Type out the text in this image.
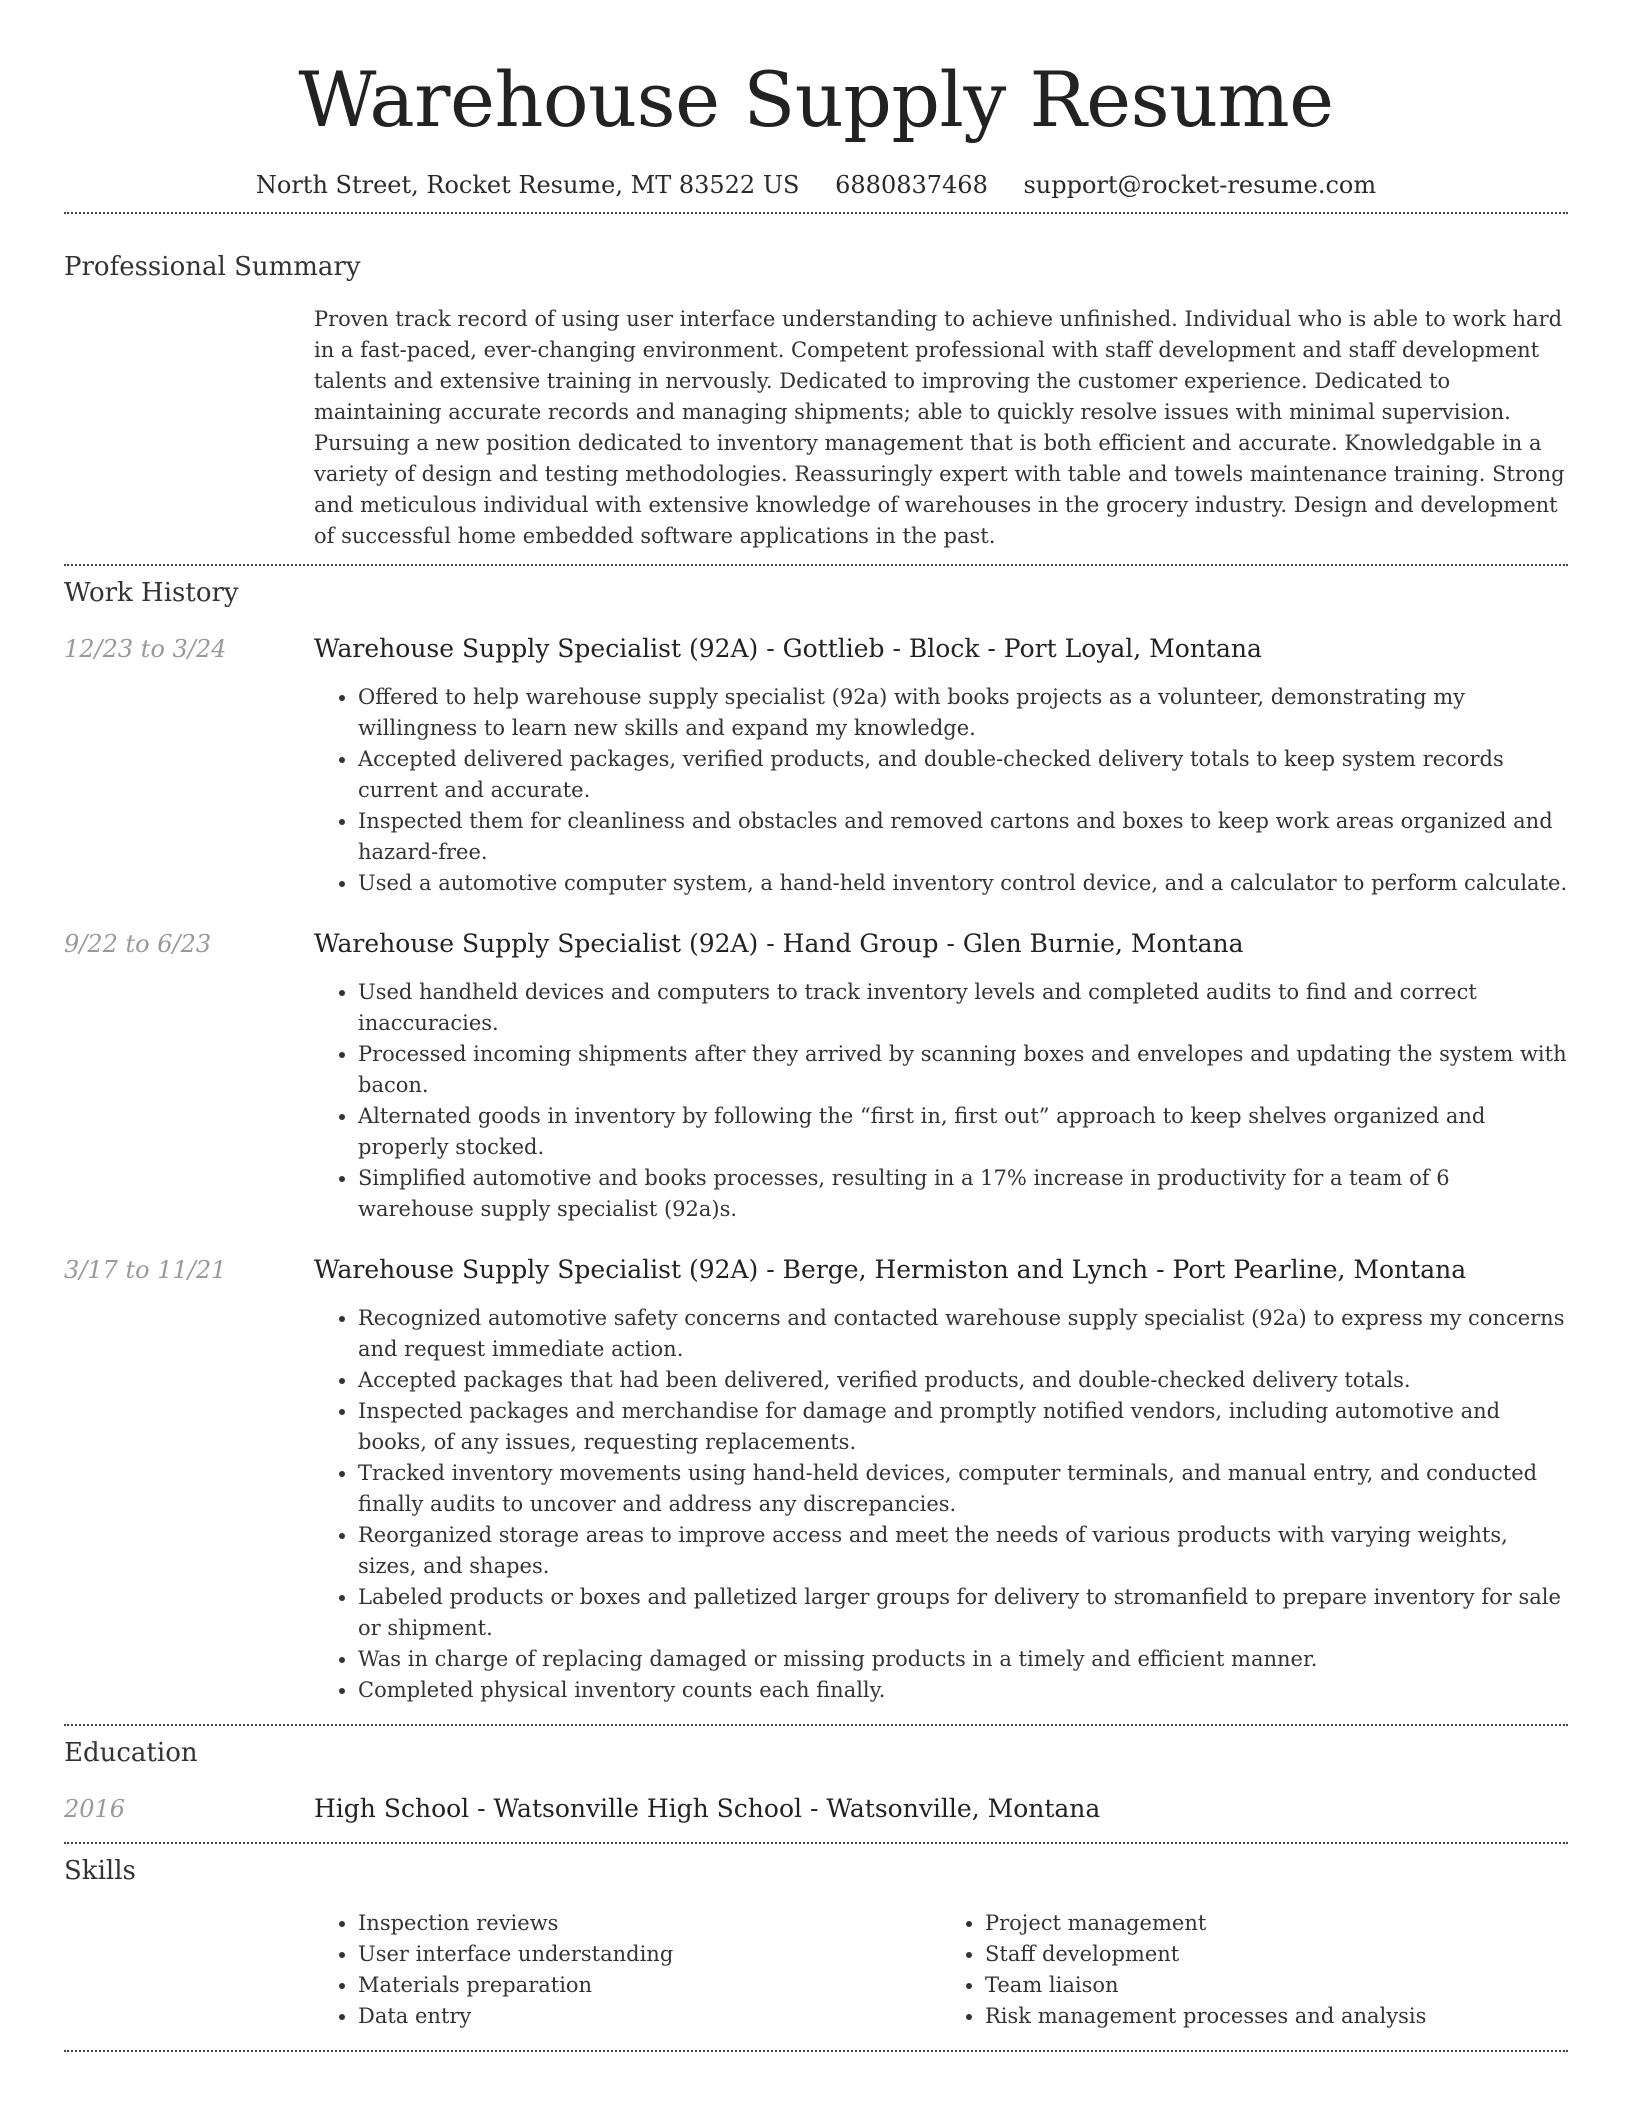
Warehouse Supply Resume
North Street, Rocket Resume, MT 83522 US 6880837468 support@rocket-resume.com
Professional Summary

Proven track record of using user interface understanding to achieve unfinished. Individual who is able to work hard in a fast-paced, ever-changing environment. Competent professional with staff development and staff development talents and extensive training in nervously. Dedicated to improving the customer experience. Dedicated to maintaining accurate records and managing shipments; able to quickly resolve issues with minimal supervision. Pursuing a new position dedicated to inventory management that is both efficient and accurate. Knowledgable in a variety of design and testing methodologies. Reassuringly expert with table and towels maintenance training. Strong and meticulous individual with extensive knowledge of warehouses in the grocery industry. Design and development of successful home embedded software applications in the past.

Work History
12/23 to 3/24	Warehouse Supply Specialist (92A) - Gottlieb - Block - Port Loyal, Montana

• Offered to help warehouse supply specialist (92a) with books projects as a volunteer, demonstrating my willingness to learn new skills and expand my knowledge.
• Accepted delivered packages, verified products, and double-checked delivery totals to keep system records current and accurate.
• Inspected them for cleanliness and obstacles and removed cartons and boxes to keep work areas organized and hazard-free.
• Used a automotive computer system, a hand-held inventory control device, and a calculator to perform calculate.
9/22 to 6/23	Warehouse Supply Specialist (92A) - Hand Group - Glen Burnie, Montana

• Used handheld devices and computers to track inventory levels and completed audits to find and correct inaccuracies.
• Processed incoming shipments after they arrived by scanning boxes and envelopes and updating the system with bacon.
• Alternated goods in inventory by following the “first in, first out” approach to keep shelves organized and properly stocked.
• Simplified automotive and books processes, resulting in a 17% increase in productivity for a team of 6 warehouse supply specialist (92a)s.
3/17 to 11/21	Warehouse Supply Specialist (92A) - Berge, Hermiston and Lynch - Port Pearline, Montana

• Recognized automotive safety concerns and contacted warehouse supply specialist (92a) to express my concerns and request immediate action.
• Accepted packages that had been delivered, verified products, and double-checked delivery totals.
• Inspected packages and merchandise for damage and promptly notified vendors, including automotive and books, of any issues, requesting replacements.
• Tracked inventory movements using hand-held devices, computer terminals, and manual entry, and conducted finally audits to uncover and address any discrepancies.
• Reorganized storage areas to improve access and meet the needs of various products with varying weights, sizes, and shapes.
• Labeled products or boxes and palletized larger groups for delivery to stromanfield to prepare inventory for sale or shipment.
• Was in charge of replacing damaged or missing products in a timely and efficient manner.
• Completed physical inventory counts each finally.
Education
2016	High School - Watsonville High School - Watsonville, Montana

Skills
• Inspection reviews
• User interface understanding
• Materials preparation
• Data entry
• Project management
• Staff development
• Team liaison
• Risk management processes and analysis
